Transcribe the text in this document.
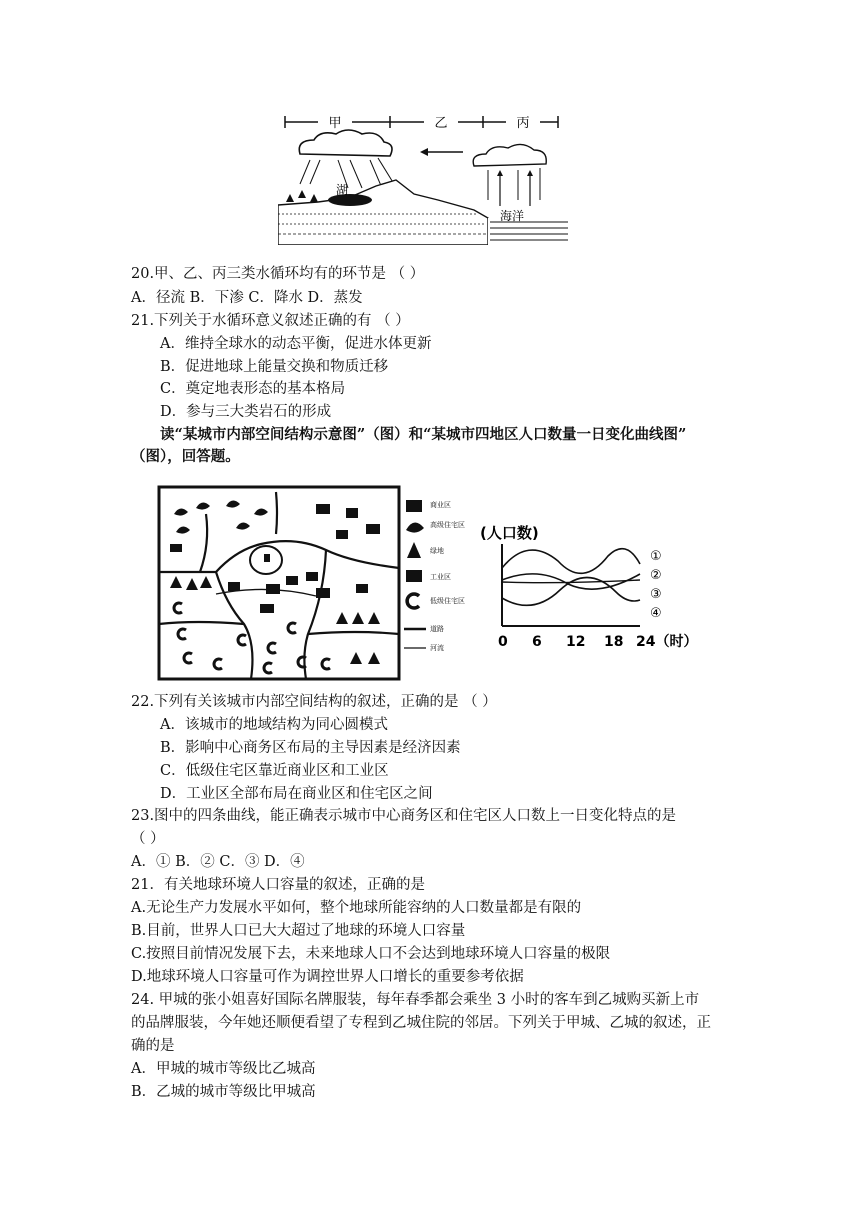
甲	乙	丙
湖
海洋
20.甲、乙、丙三类水循环均有的环节是 （ ）
A．径流 B．下渗 C．降水 D．蒸发
21.下列关于水循环意义叙述正确的有 （ ）
A．维持全球水的动态平衡，促进水体更新
B．促进地球上能量交换和物质迁移
C．奠定地表形态的基本格局
D．参与三大类岩石的形成
读“某城市内部空间结构示意图”（图）和“某城市四地区人口数量一日变化曲线图”
（图），回答题。
商业区
高级住宅区
绿地
工业区
低级住宅区
道路
河流
(人口数)
①
②
③
④
0 6 12 18 24（时）
22.下列有关该城市内部空间结构的叙述，正确的是 （ ）
A．该城市的地域结构为同心圆模式
B．影响中心商务区布局的主导因素是经济因素
C．低级住宅区靠近商业区和工业区
D．工业区全部布局在商业区和住宅区之间
23.图中的四条曲线，能正确表示城市中心商务区和住宅区人口数上一日变化特点的是
（ ）
A．① B．② C．③ D．④
21．有关地球环境人口容量的叙述，正确的是
A.无论生产力发展水平如何，整个地球所能容纳的人口数量都是有限的
B.目前，世界人口已大大超过了地球的环境人口容量
C.按照目前情况发展下去，未来地球人口不会达到地球环境人口容量的极限
D.地球环境人口容量可作为调控世界人口增长的重要参考依据
24. 甲城的张小姐喜好国际名牌服装，每年春季都会乘坐 3 小时的客车到乙城购买新上市
的品牌服装，今年她还顺便看望了专程到乙城住院的邻居。下列关于甲城、乙城的叙述，正
确的是
A．甲城的城市等级比乙城高
B．乙城的城市等级比甲城高
